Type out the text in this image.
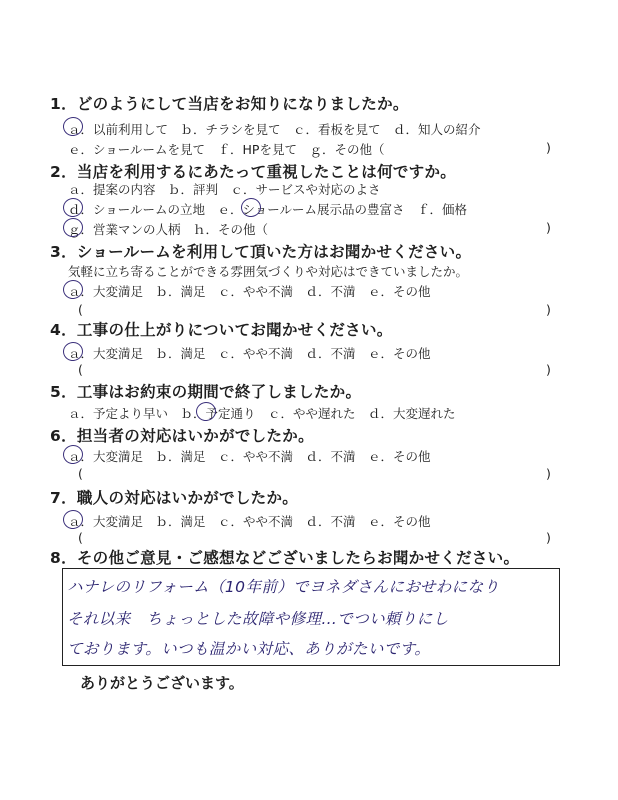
1．どのようにして当店をお知りになりましたか。
ａ．以前利用して　ｂ．チラシを見て　ｃ．看板を見て　ｄ．知人の紹介
ｅ．ショールームを見て　ｆ．HPを見て　ｇ．その他（	)
2．当店を利用するにあたって重視したことは何ですか。
ａ．提案の内容　ｂ．評判　ｃ．サービスや対応のよさ
ｄ．ショールームの立地　ｅ．ショールーム展示品の豊富さ　ｆ．価格
ｇ．営業マンの人柄　ｈ．その他（	)
3．ショールームを利用して頂いた方はお聞かせください。
気軽に立ち寄ることができる雰囲気づくりや対応はできていましたか。
ａ．大変満足　ｂ．満足　ｃ．やや不満　ｄ．不満　ｅ．その他
(	)
4．工事の仕上がりについてお聞かせください。
ａ．大変満足　ｂ．満足　ｃ．やや不満　ｄ．不満　ｅ．その他
(	)
5．工事はお約束の期間で終了しましたか。
ａ．予定より早い　ｂ．予定通り　ｃ．やや遅れた　ｄ．大変遅れた
6．担当者の対応はいかがでしたか。
ａ．大変満足　ｂ．満足　ｃ．やや不満　ｄ．不満　ｅ．その他
(	)
7．職人の対応はいかがでしたか。
ａ．大変満足　ｂ．満足　ｃ．やや不満　ｄ．不満　ｅ．その他
(	)
8．その他ご意見・ご感想などございましたらお聞かせください。
ハナレのリフォーム（10年前）でヨネダさんにおせわになり
それ以来　ちょっとした故障や修理…でつい頼りにし
ております。いつも温かい対応、ありがたいです。
ありがとうございます。
